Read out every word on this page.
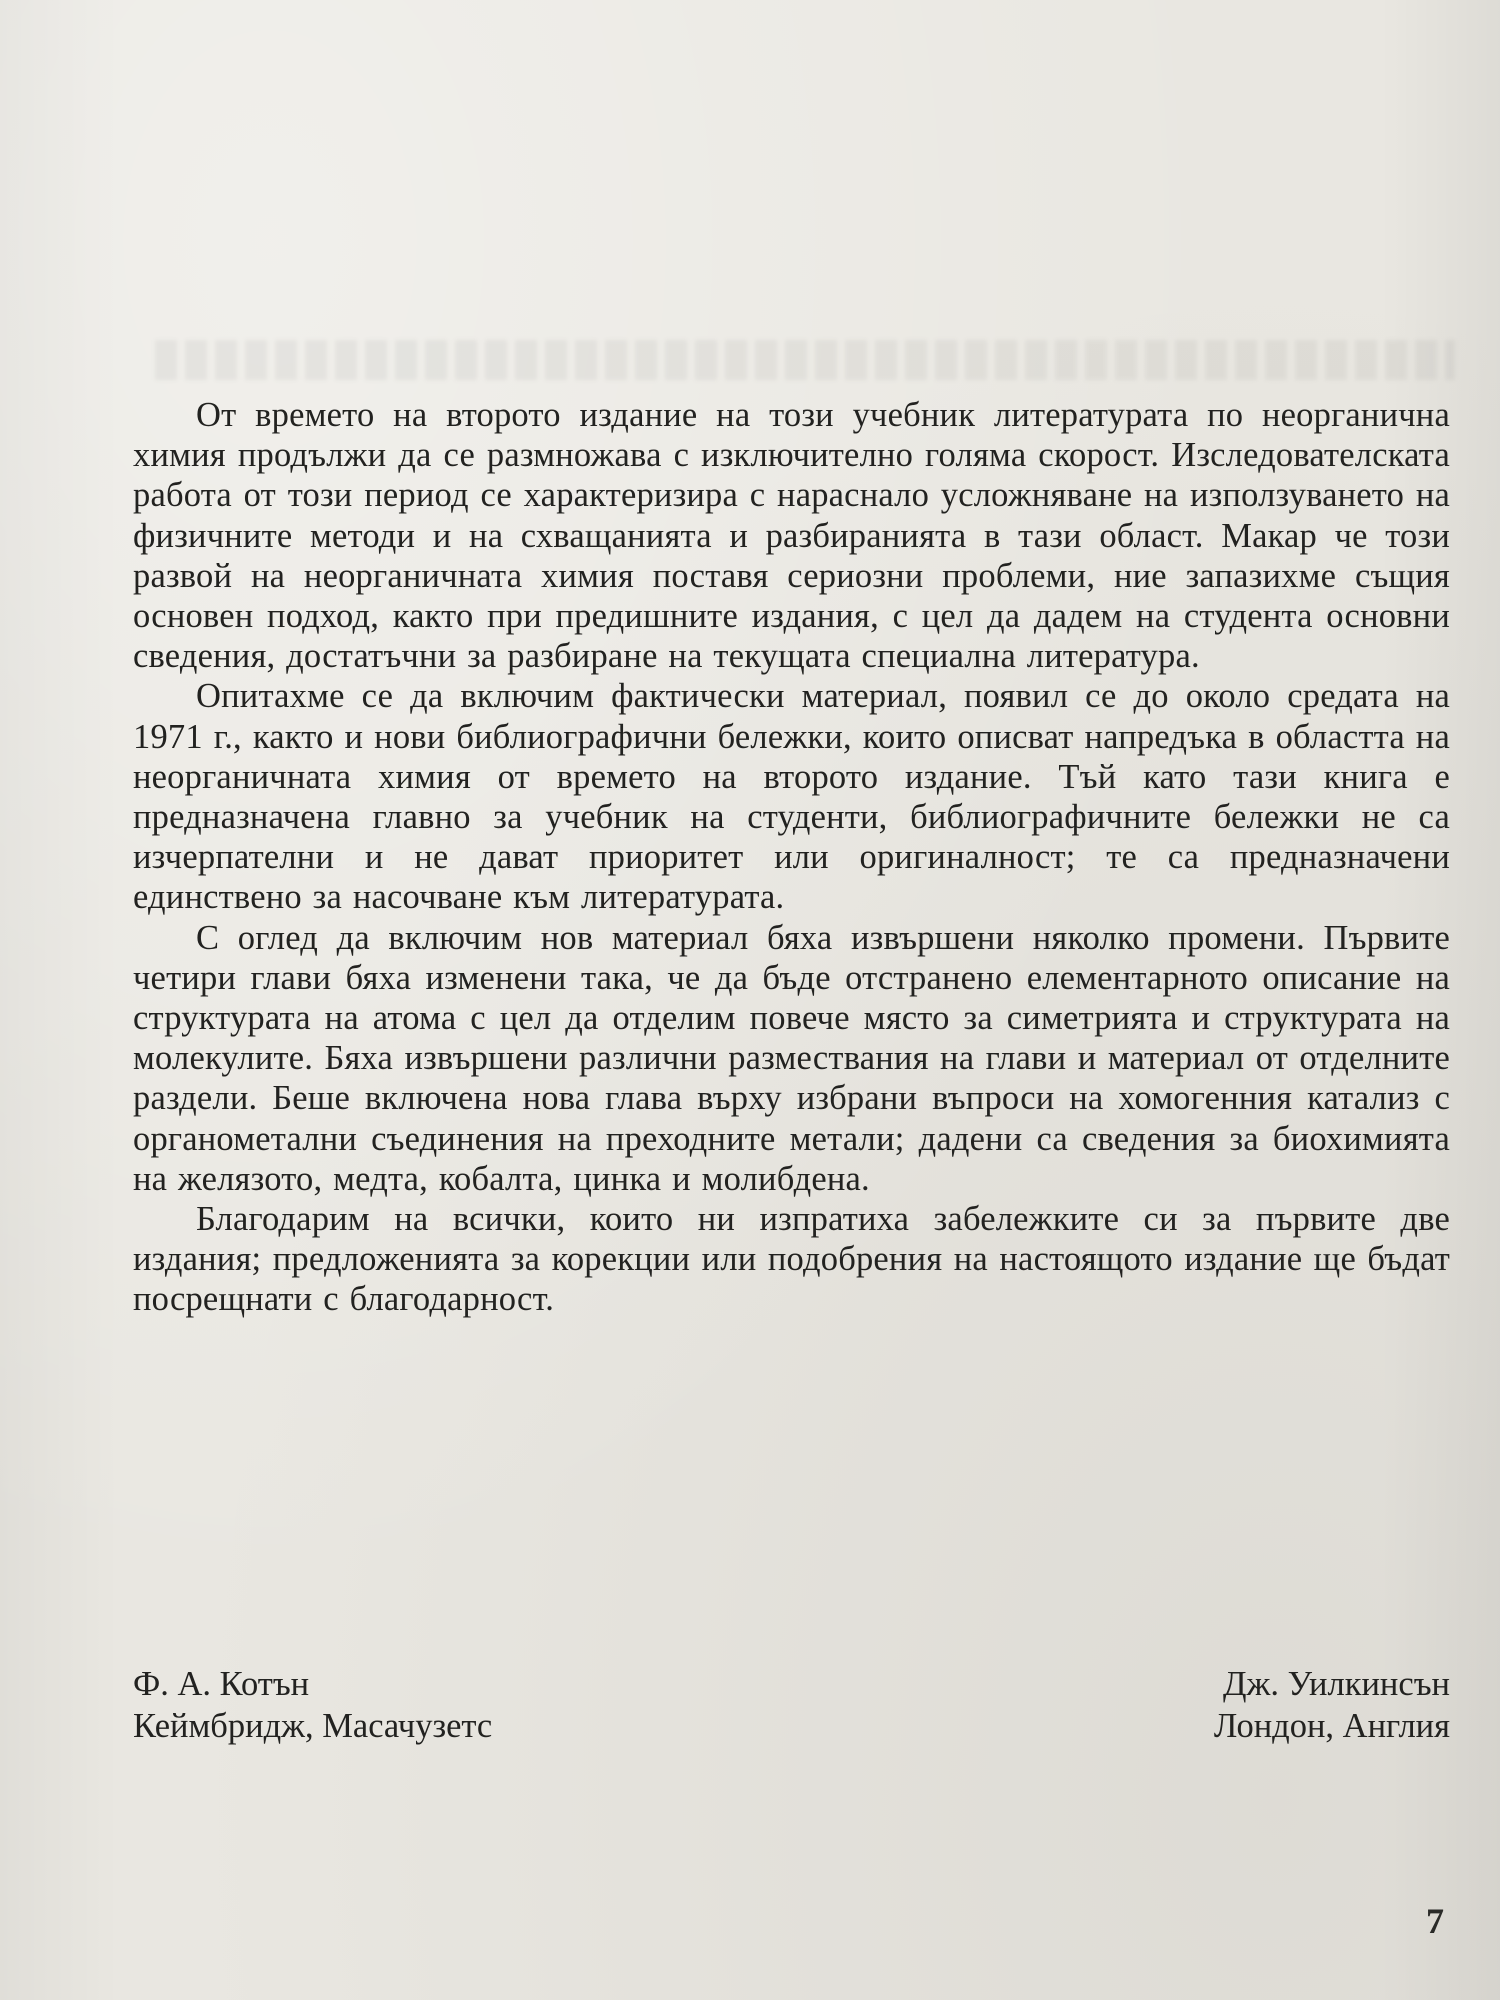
От времето на второто издание на този учебник литературата по неорганична химия продължи да се размножава с изключително голяма скорост. Изследователската работа от този период се характеризира с нараснало усложняване на използуването на физичните методи и на схващанията и разбиранията в тази област. Макар че този развой на неорганичната химия поставя сериозни проблеми, ние запазихме същия основен подход, както при предишните издания, с цел да дадем на студента основни сведения, достатъчни за разбиране на текущата специална литература.

Опитахме се да включим фактически материал, появил се до около средата на 1971 г., както и нови библиографични бележки, които описват напредъка в областта на неорганичната химия от времето на второто издание. Тъй като тази книга е предназначена главно за учебник на студенти, библиографичните бележки не са изчерпателни и не дават приоритет или оригиналност; те са предназначени единствено за насочване към литературата.

С оглед да включим нов материал бяха извършени няколко промени. Първите четири глави бяха изменени така, че да бъде отстранено елементарното описание на структурата на атома с цел да отделим повече място за симетрията и структурата на молекулите. Бяха извършени различни размествания на глави и материал от отделните раздели. Беше включена нова глава върху избрани въпроси на хомогенния катализ с органометални съединения на преходните метали; дадени са сведения за биохимията на желязото, медта, кобалта, цинка и молибдена.

Благодарим на всички, които ни изпратиха забележките си за първите две издания; предложенията за корекции или подобрения на настоящото издание ще бъдат посрещнати с благодарност.

Ф. А. Котън
Кеймбридж, Масачузетс
Дж. Уилкинсън
Лондон, Англия
7
